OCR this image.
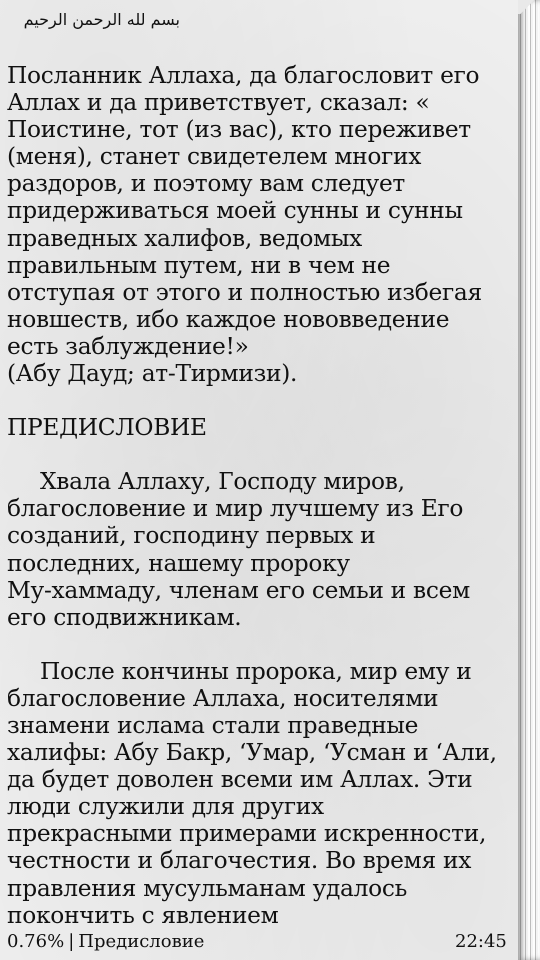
بسم لله الرحمن الرحيم

Посланник Аллаха, да благословит его

Аллах и да приветствует, сказал: «

Поистине, тот (из вас), кто переживет

(меня), станет свидетелем многих

раздоров, и поэтому вам следует

придерживаться моей сунны и сунны

праведных халифов, ведомых

правильным путем, ни в чем не

отступая от этого и полностью избегая

новшеств, ибо каждое нововведение

есть заблуждение!»

(Абу Дауд; ат-Тирмизи).

ПРЕДИСЛОВИЕ

Хвала Аллаху, Господу миров,

благословение и мир лучшему из Его

созданий, господину первых и

последних, нашему пророку

Му-хаммаду, членам его семьи и всем

его сподвижникам.

После кончины пророка, мир ему и

благословение Аллаха, носителями

знамени ислама стали праведные

халифы: Абу Бакр, ‘Умар, ‘Усман и ‘Али,

да будет доволен всеми им Аллах. Эти

люди служили для других

прекрасными примерами искренности,

честности и благочестия. Во время их

правления мусульманам удалось

покончить с явлением

0.76% | Предисловие	22:45
